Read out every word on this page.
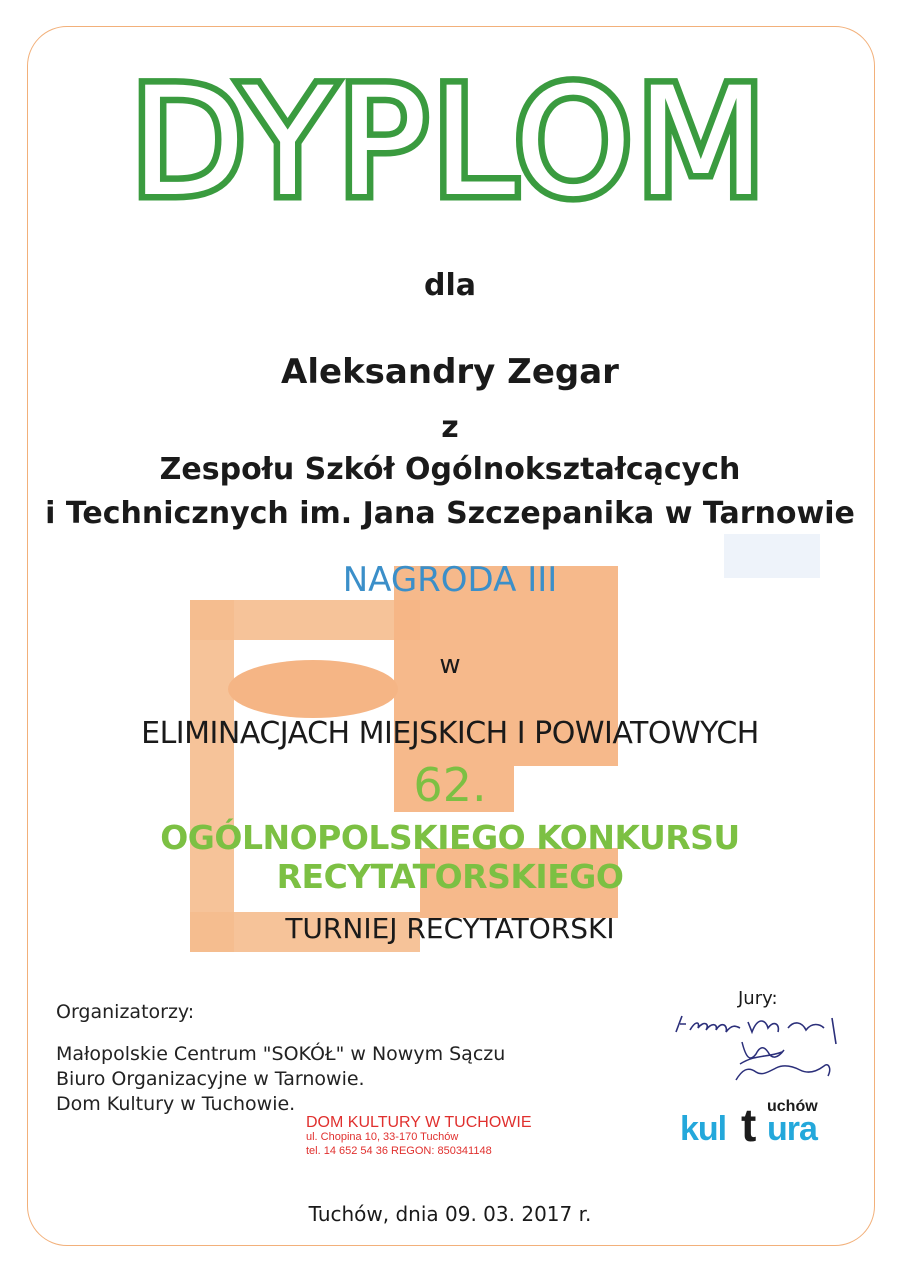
DYPLOM
dla
Aleksandry Zegar
z
Zespołu Szkół Ogólnokształcących
i Technicznych im. Jana Szczepanika w Tarnowie
NAGRODA III
w
ELIMINACJACH MIEJSKICH I POWIATOWYCH
62.
OGÓLNOPOLSKIEGO KONKURSU RECYTATORSKIEGO
TURNIEJ RECYTATORSKI
Organizatorzy:
Małopolskie Centrum "SOKÓŁ" w Nowym Sączu
Biuro Organizacyjne w Tarnowie.
Dom Kultury w Tuchowie.
DOM KULTURY W TUCHOWIE
ul. Chopina 10, 33-170 Tuchów
tel. 14 652 54 36 REGON: 850341148
Jury:
kul t uchów
ura
Tuchów, dnia 09. 03. 2017 r.
